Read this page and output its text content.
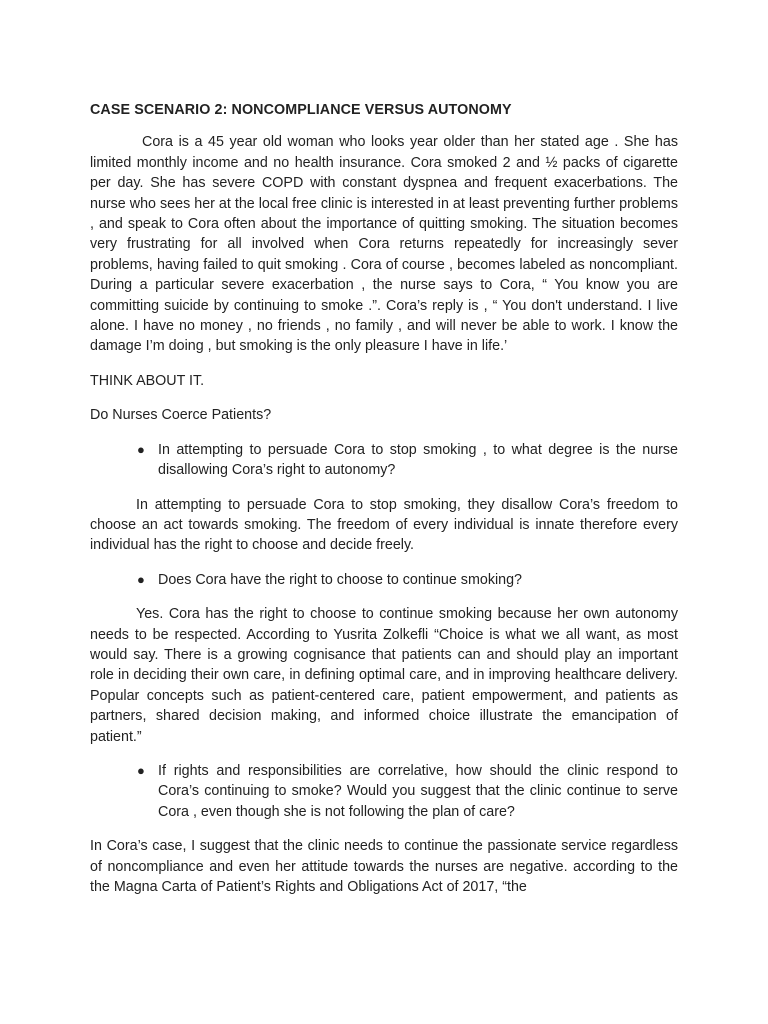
CASE SCENARIO 2: NONCOMPLIANCE VERSUS AUTONOMY

Cora is a 45 year old woman who looks year older than her stated age . She has limited monthly income and no health insurance. Cora smoked 2 and ½ packs of cigarette per day. She has severe COPD with constant dyspnea and frequent exacerbations. The nurse who sees her at the local free clinic is interested in at least preventing further problems , and speak to Cora often about the importance of quitting smoking. The situation becomes very frustrating for all involved when Cora returns repeatedly for increasingly sever problems, having failed to quit smoking . Cora of course , becomes labeled as noncompliant. During a particular severe exacerbation , the nurse says to Cora, “ You know you are committing suicide by continuing to smoke .”. Cora’s reply is , “ You don't understand. I live alone. I have no money , no friends , no family , and will never be able to work. I know the damage I’m doing , but smoking is the only pleasure I have in life.’

THINK ABOUT IT.

Do Nurses Coerce Patients?

● In attempting to persuade Cora to stop smoking , to what degree is the nurse disallowing Cora’s right to autonomy?

In attempting to persuade Cora to stop smoking, they disallow Cora’s freedom to choose an act towards smoking. The freedom of every individual is innate therefore every individual has the right to choose and decide freely.

● Does Cora have the right to choose to continue smoking?

Yes. Cora has the right to choose to continue smoking because her own autonomy needs to be respected. According to Yusrita Zolkefli “Choice is what we all want, as most would say. There is a growing cognisance that patients can and should play an important role in deciding their own care, in defining optimal care, and in improving healthcare delivery. Popular concepts such as patient-centered care, patient empowerment, and patients as partners, shared decision making, and informed choice illustrate the emancipation of patient.”

● If rights and responsibilities are correlative, how should the clinic respond to Cora’s continuing to smoke? Would you suggest that the clinic continue to serve Cora , even though she is not following the plan of care?

In Cora’s case, I suggest that the clinic needs to continue the passionate service regardless of noncompliance and even her attitude towards the nurses are negative. according to the the Magna Carta of Patient’s Rights and Obligations Act of 2017, “the
